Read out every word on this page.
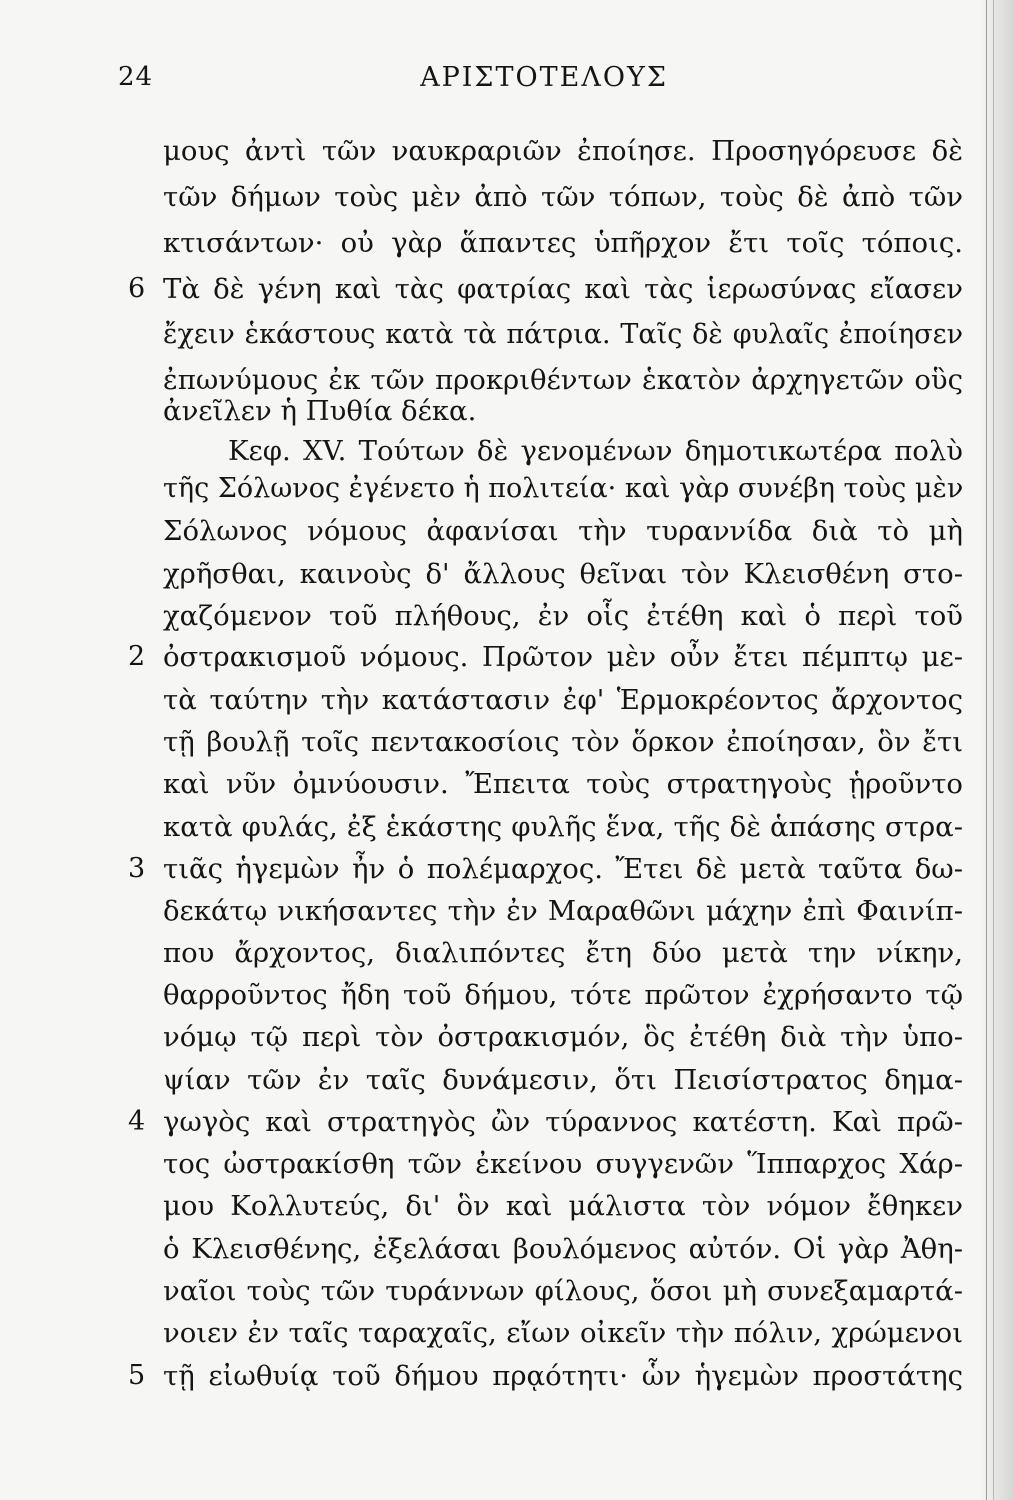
24	ΑΡΙΣΤΟΤΕΛΟΥΣ
6
2
3
4
5
μους ἀντὶ τῶν ναυκραριῶν ἐποίησε. Προσηγόρευσε δὲ
τῶν δήμων τοὺς μὲν ἀπὸ τῶν τόπων, τοὺς δὲ ἀπὸ τῶν
κτισάντων· οὐ γὰρ ἅπαντες ὑπῆρχον ἔτι τοῖς τόποις.
Τὰ δὲ γένη καὶ τὰς φατρίας καὶ τὰς ἱερωσύνας εἴασεν
ἔχειν ἑκάστους κατὰ τὰ πάτρια. Ταῖς δὲ φυλαῖς ἐποίησεν
ἐπωνύμους ἐκ τῶν προκριθέντων ἑκατὸν ἀρχηγετῶν οὓς
ἀνεῖλεν ἡ Πυθία δέκα.
Κεφ. XV. Τούτων δὲ γενομένων δημοτικωτέρα πολὺ
τῆς Σόλωνος ἐγένετο ἡ πολιτεία· καὶ γὰρ συνέβη τοὺς μὲν
Σόλωνος νόμους ἀφανίσαι τὴν τυραννίδα διὰ τὸ μὴ
χρῆσθαι, καινοὺς δ' ἄλλους θεῖναι τὸν Κλεισθένη στο-
χαζόμενον τοῦ πλήθους, ἐν οἷς ἐτέθη καὶ ὁ περὶ τοῦ
ὀστρακισμοῦ νόμους. Πρῶτον μὲν οὖν ἔτει πέμπτῳ με-
τὰ ταύτην τὴν κατάστασιν ἐφ' Ἑρμοκρέοντος ἄρχοντος
τῇ βουλῇ τοῖς πεντακοσίοις τὸν ὅρκον ἐποίησαν, ὃν ἔτι
καὶ νῦν ὀμνύουσιν. Ἔπειτα τοὺς στρατηγοὺς ᾑροῦντο
κατὰ φυλάς, ἐξ ἑκάστης φυλῆς ἕνα, τῆς δὲ ἁπάσης στρα-
τιᾶς ἡγεμὼν ἦν ὁ πολέμαρχος. Ἔτει δὲ μετὰ ταῦτα δω-
δεκάτῳ νικήσαντες τὴν ἐν Μαραθῶνι μάχην ἐπὶ Φαινίπ-
που ἄρχοντος, διαλιπόντες ἔτη δύο μετὰ την νίκην,
θαρροῦντος ἤδη τοῦ δήμου, τότε πρῶτον ἐχρήσαντο τῷ
νόμῳ τῷ περὶ τὸν ὀστρακισμόν, ὃς ἐτέθη διὰ τὴν ὑπο-
ψίαν τῶν ἐν ταῖς δυνάμεσιν, ὅτι Πεισίστρατος δημα-
γωγὸς καὶ στρατηγὸς ὢν τύραννος κατέστη. Καὶ πρῶ-
τος ὠστρακίσθη τῶν ἐκείνου συγγενῶν Ἵππαρχος Χάρ-
μου Κολλυτεύς, δι' ὃν καὶ μάλιστα τὸν νόμον ἔθηκεν
ὁ Κλεισθένης, ἐξελάσαι βουλόμενος αὐτόν. Οἱ γὰρ Ἀθη-
ναῖοι τοὺς τῶν τυράννων φίλους, ὅσοι μὴ συνεξαμαρτά-
νοιεν ἐν ταῖς ταραχαῖς, εἴων οἰκεῖν τὴν πόλιν, χρώμενοι
τῇ εἰωθυίᾳ τοῦ δήμου πρᾳότητι· ὧν ἡγεμὼν προστάτης
